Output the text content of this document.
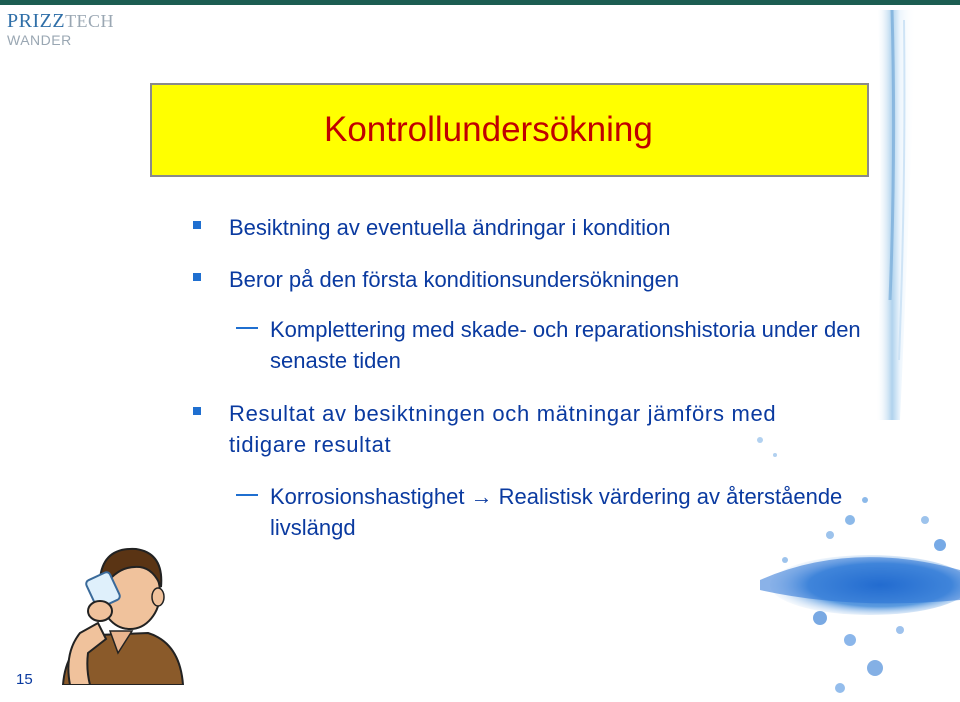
PRIZZTECH
WANDER
Kontrollundersökning
Besiktning av eventuella ändringar i kondition
Beror på den första konditionsundersökningen
Komplettering med skade- och reparationshistoria under den senaste tiden
Resultat av besiktningen och mätningar jämförs med tidigare resultat
Korrosionshastighet → Realistisk värdering av återstående livslängd
15
